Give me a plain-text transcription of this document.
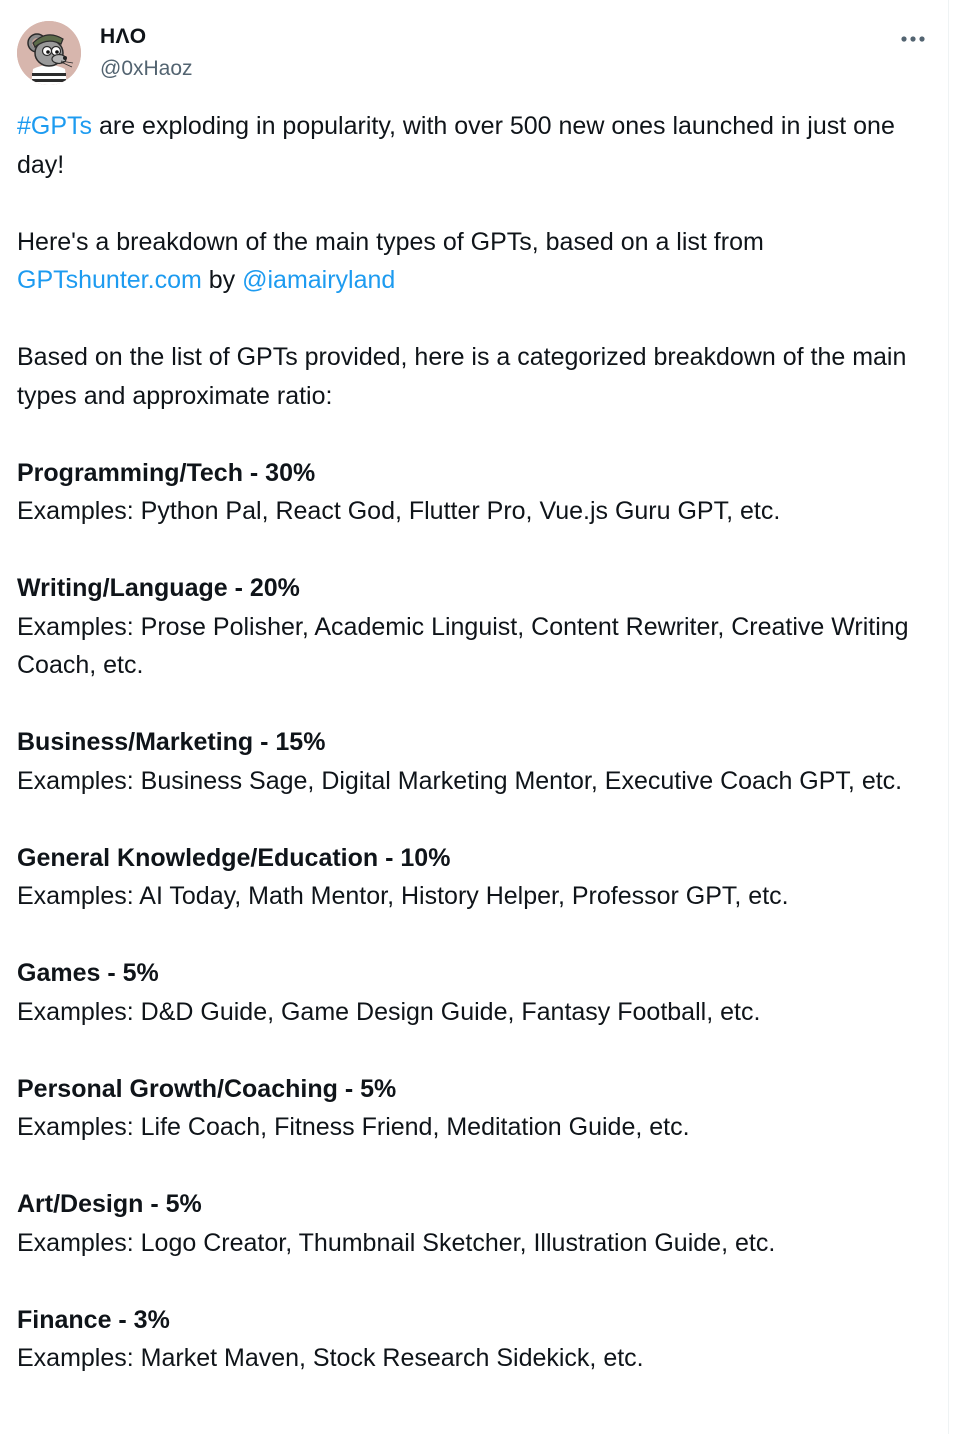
HΛO
@0xHaoz

#GPTs are exploding in popularity, with over 500 new ones launched in just one day!

Here's a breakdown of the main types of GPTs, based on a list from GPTshunter.com by @iamairyland

Based on the list of GPTs provided, here is a categorized breakdown of the main types and approximate ratio:

Programming/Tech - 30%
Examples: Python Pal, React God, Flutter Pro, Vue.js Guru GPT, etc.

Writing/Language - 20%
Examples: Prose Polisher, Academic Linguist, Content Rewriter, Creative Writing Coach, etc.

Business/Marketing - 15%
Examples: Business Sage, Digital Marketing Mentor, Executive Coach GPT, etc.

General Knowledge/Education - 10%
Examples: AI Today, Math Mentor, History Helper, Professor GPT, etc.

Games - 5%
Examples: D&D Guide, Game Design Guide, Fantasy Football, etc.

Personal Growth/Coaching - 5%
Examples: Life Coach, Fitness Friend, Meditation Guide, etc.

Art/Design - 5%
Examples: Logo Creator, Thumbnail Sketcher, Illustration Guide, etc.

Finance - 3%
Examples: Market Maven, Stock Research Sidekick, etc.
